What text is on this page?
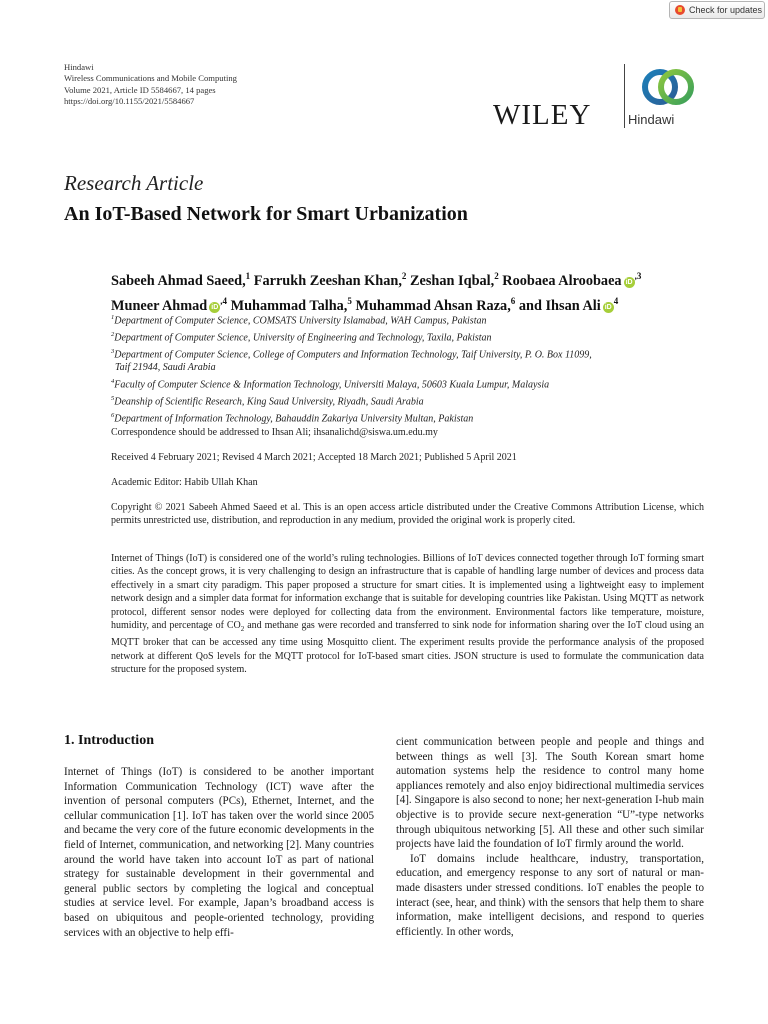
Check for updates
Hindawi
Wireless Communications and Mobile Computing
Volume 2021, Article ID 5584667, 14 pages
https://doi.org/10.1155/2021/5584667	WILEY	Hindawi
Research Article
An IoT-Based Network for Smart Urbanization
Sabeeh Ahmad Saeed,$^1$ Farrukh Zeeshan Khan,$^2$ Zeshan Iqbal,$^2$ Roobaea Alroobaea $iD^{,3}$
Muneer Ahmad $iD^{,4}$ Muhammad Talha,$^5$ Muhammad Ahsan Raza,$^6$ and Ihsan Ali $iD^4$
$^1$Department of Computer Science, COMSATS University Islamabad, WAH Campus, Pakistan
$^2$Department of Computer Science, University of Engineering and Technology, Taxila, Pakistan
$^3$Department of Computer Science, College of Computers and Information Technology, Taif University, P. O. Box 11099,
Taif 21944, Saudi Arabia
$^4$Faculty of Computer Science & Information Technology, Universiti Malaya, 50603 Kuala Lumpur, Malaysia
$^5$Deanship of Scientific Research, King Saud University, Riyadh, Saudi Arabia
$^6$Department of Information Technology, Bahauddin Zakariya University Multan, Pakistan
Correspondence should be addressed to Ihsan Ali; ihsanalichd@siswa.um.edu.my
Received 4 February 2021; Revised 4 March 2021; Accepted 18 March 2021; Published 5 April 2021
Academic Editor: Habib Ullah Khan
Copyright © 2021 Sabeeh Ahmed Saeed et al. This is an open access article distributed under the Creative Commons Attribution License, which permits unrestricted use, distribution, and reproduction in any medium, provided the original work is properly cited.
Internet of Things (IoT) is considered one of the world’s ruling technologies. Billions of IoT devices connected together through IoT forming smart cities. As the concept grows, it is very challenging to design an infrastructure that is capable of handling large number of devices and process data effectively in a smart city paradigm. This paper proposed a structure for smart cities. It is implemented using a lightweight easy to implement network design and a simpler data format for information exchange that is suitable for developing countries like Pakistan. Using MQTT as network protocol, different sensor nodes were deployed for collecting data from the environment. Environmental factors like temperature, moisture, humidity, and percentage of $CO_2$ and methane gas were recorded and transferred to sink node for information sharing over the IoT cloud using an MQTT broker that can be accessed any time using Mosquitto client. The experiment results provide the performance analysis of the proposed network at different QoS levels for the MQTT protocol for IoT-based smart cities. JSON structure is used to formulate the communication data structure for the proposed system.
1. Introduction

Internet of Things (IoT) is considered to be another important Information Communication Technology (ICT) wave after the invention of personal computers (PCs), Ethernet, Internet, and the cellular communication [1]. IoT has taken over the world since 2005 and became the very core of the future economic developments in the field of Internet, communication, and networking [2]. Many countries around the world have taken into account IoT as part of national strategy for sustainable development in their governmental and general public sectors by completing the logical and conceptual studies at service level. For example, Japan’s broadband access is based on ubiquitous and people-oriented technology, providing services with an objective to help effi-

cient communication between people and people and things and between things as well [3]. The South Korean smart home automation systems help the residence to control many home appliances remotely and also enjoy bidirectional multimedia services [4]. Singapore is also second to none; her next-generation I-hub main objective is to provide secure next-generation “U”-type networks through ubiquitous networking [5]. All these and other such similar projects have laid the foundation of IoT firmly around the world.

IoT domains include healthcare, industry, transportation, education, and emergency response to any sort of natural or man-made disasters under stressed conditions. IoT enables the people to interact (see, hear, and think) with the sensors that help them to share information, make intelligent decisions, and respond to queries efficiently. In other words,
